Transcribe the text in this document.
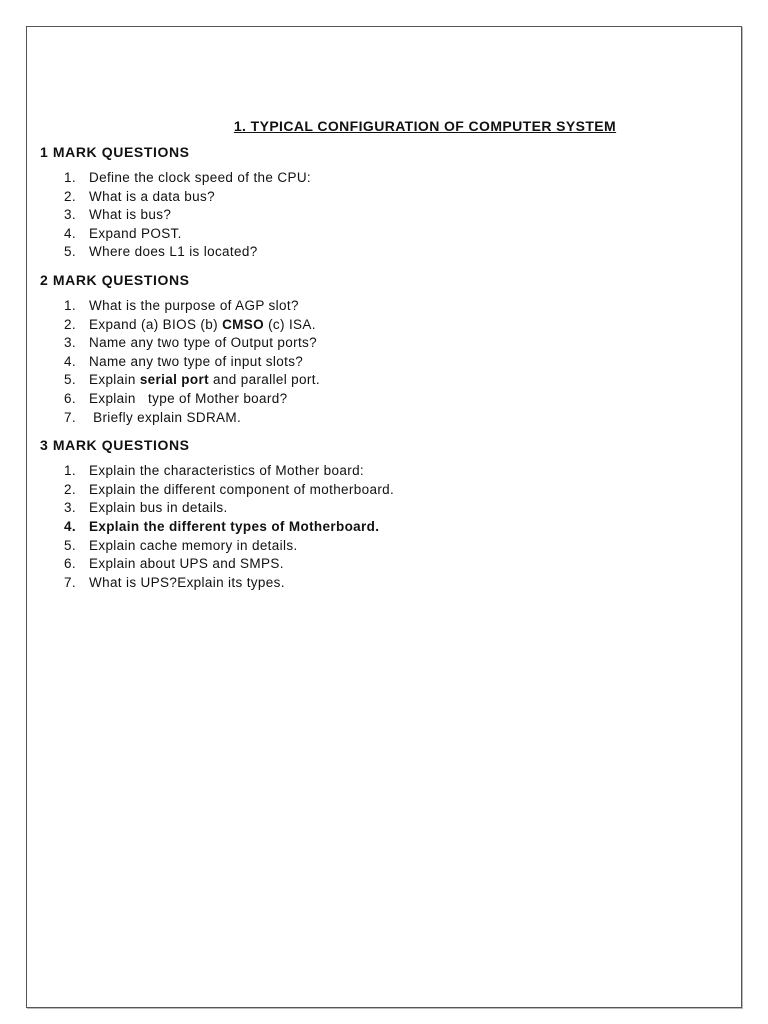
1. TYPICAL CONFIGURATION OF COMPUTER SYSTEM
1 MARK QUESTIONS
1. Define the clock speed of the CPU:
2. What is a data bus?
3. What is bus?
4. Expand POST.
5. Where does L1 is located?
2 MARK QUESTIONS
1. What is the purpose of AGP slot?
2. Expand (a) BIOS (b) CMSO (c) ISA.
3. Name any two type of Output ports?
4. Name any two type of input slots?
5. Explain serial port and parallel port.
6. Explain   type of Mother board?
7. Briefly explain SDRAM.
3 MARK QUESTIONS
1. Explain the characteristics of Mother board:
2. Explain the different component of motherboard.
3. Explain bus in details.
4. Explain the different types of Motherboard.
5. Explain cache memory in details.
6. Explain about UPS and SMPS.
7. What is UPS?Explain its types.
